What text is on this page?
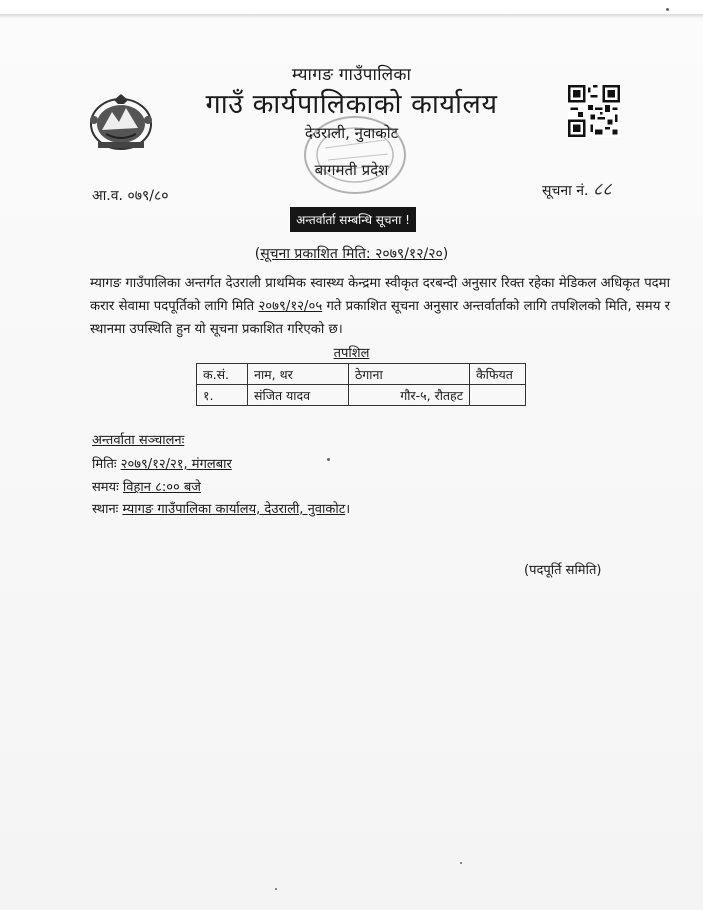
म्यागङ गाउँपालिका
गाउँ कार्यपालिकाको कार्यालय
देउराली, नुवाकोट
बागमती प्रदेश
आ.व. ०७९/८०	सूचना नं. ८८
अन्तर्वार्ता सम्बन्धि सूचना !
(सूचना प्रकाशित मिति: २०७९/१२/२०)
म्यागङ गाउँपालिका अन्तर्गत देउराली प्राथमिक स्वास्थ्य केन्द्रमा स्वीकृत दरबन्दी अनुसार रिक्त रहेका मेडिकल अधिकृत पदमा करार सेवामा पदपूर्तिको लागि मिति २०७९/१२/०५ गते प्रकाशित सूचना अनुसार अन्तर्वार्ताको लागि तपशिलको मिति, समय र स्थानमा उपस्थिति हुन यो सूचना प्रकाशित गरिएको छ।
तपशिल
क.सं.	नाम, थर	ठेगाना	कैफियत
१.	संजित यादव	गौर-५, रौतहट	
अन्तर्वाता सञ्चालनः
मितिः २०७९/१२/२१, मंगलबार
समयः विहान ८:०० बजे
स्थानः म्यागङ गाउँपालिका कार्यालय, देउराली, नुवाकोट।
(पदपूर्ति समिति)
